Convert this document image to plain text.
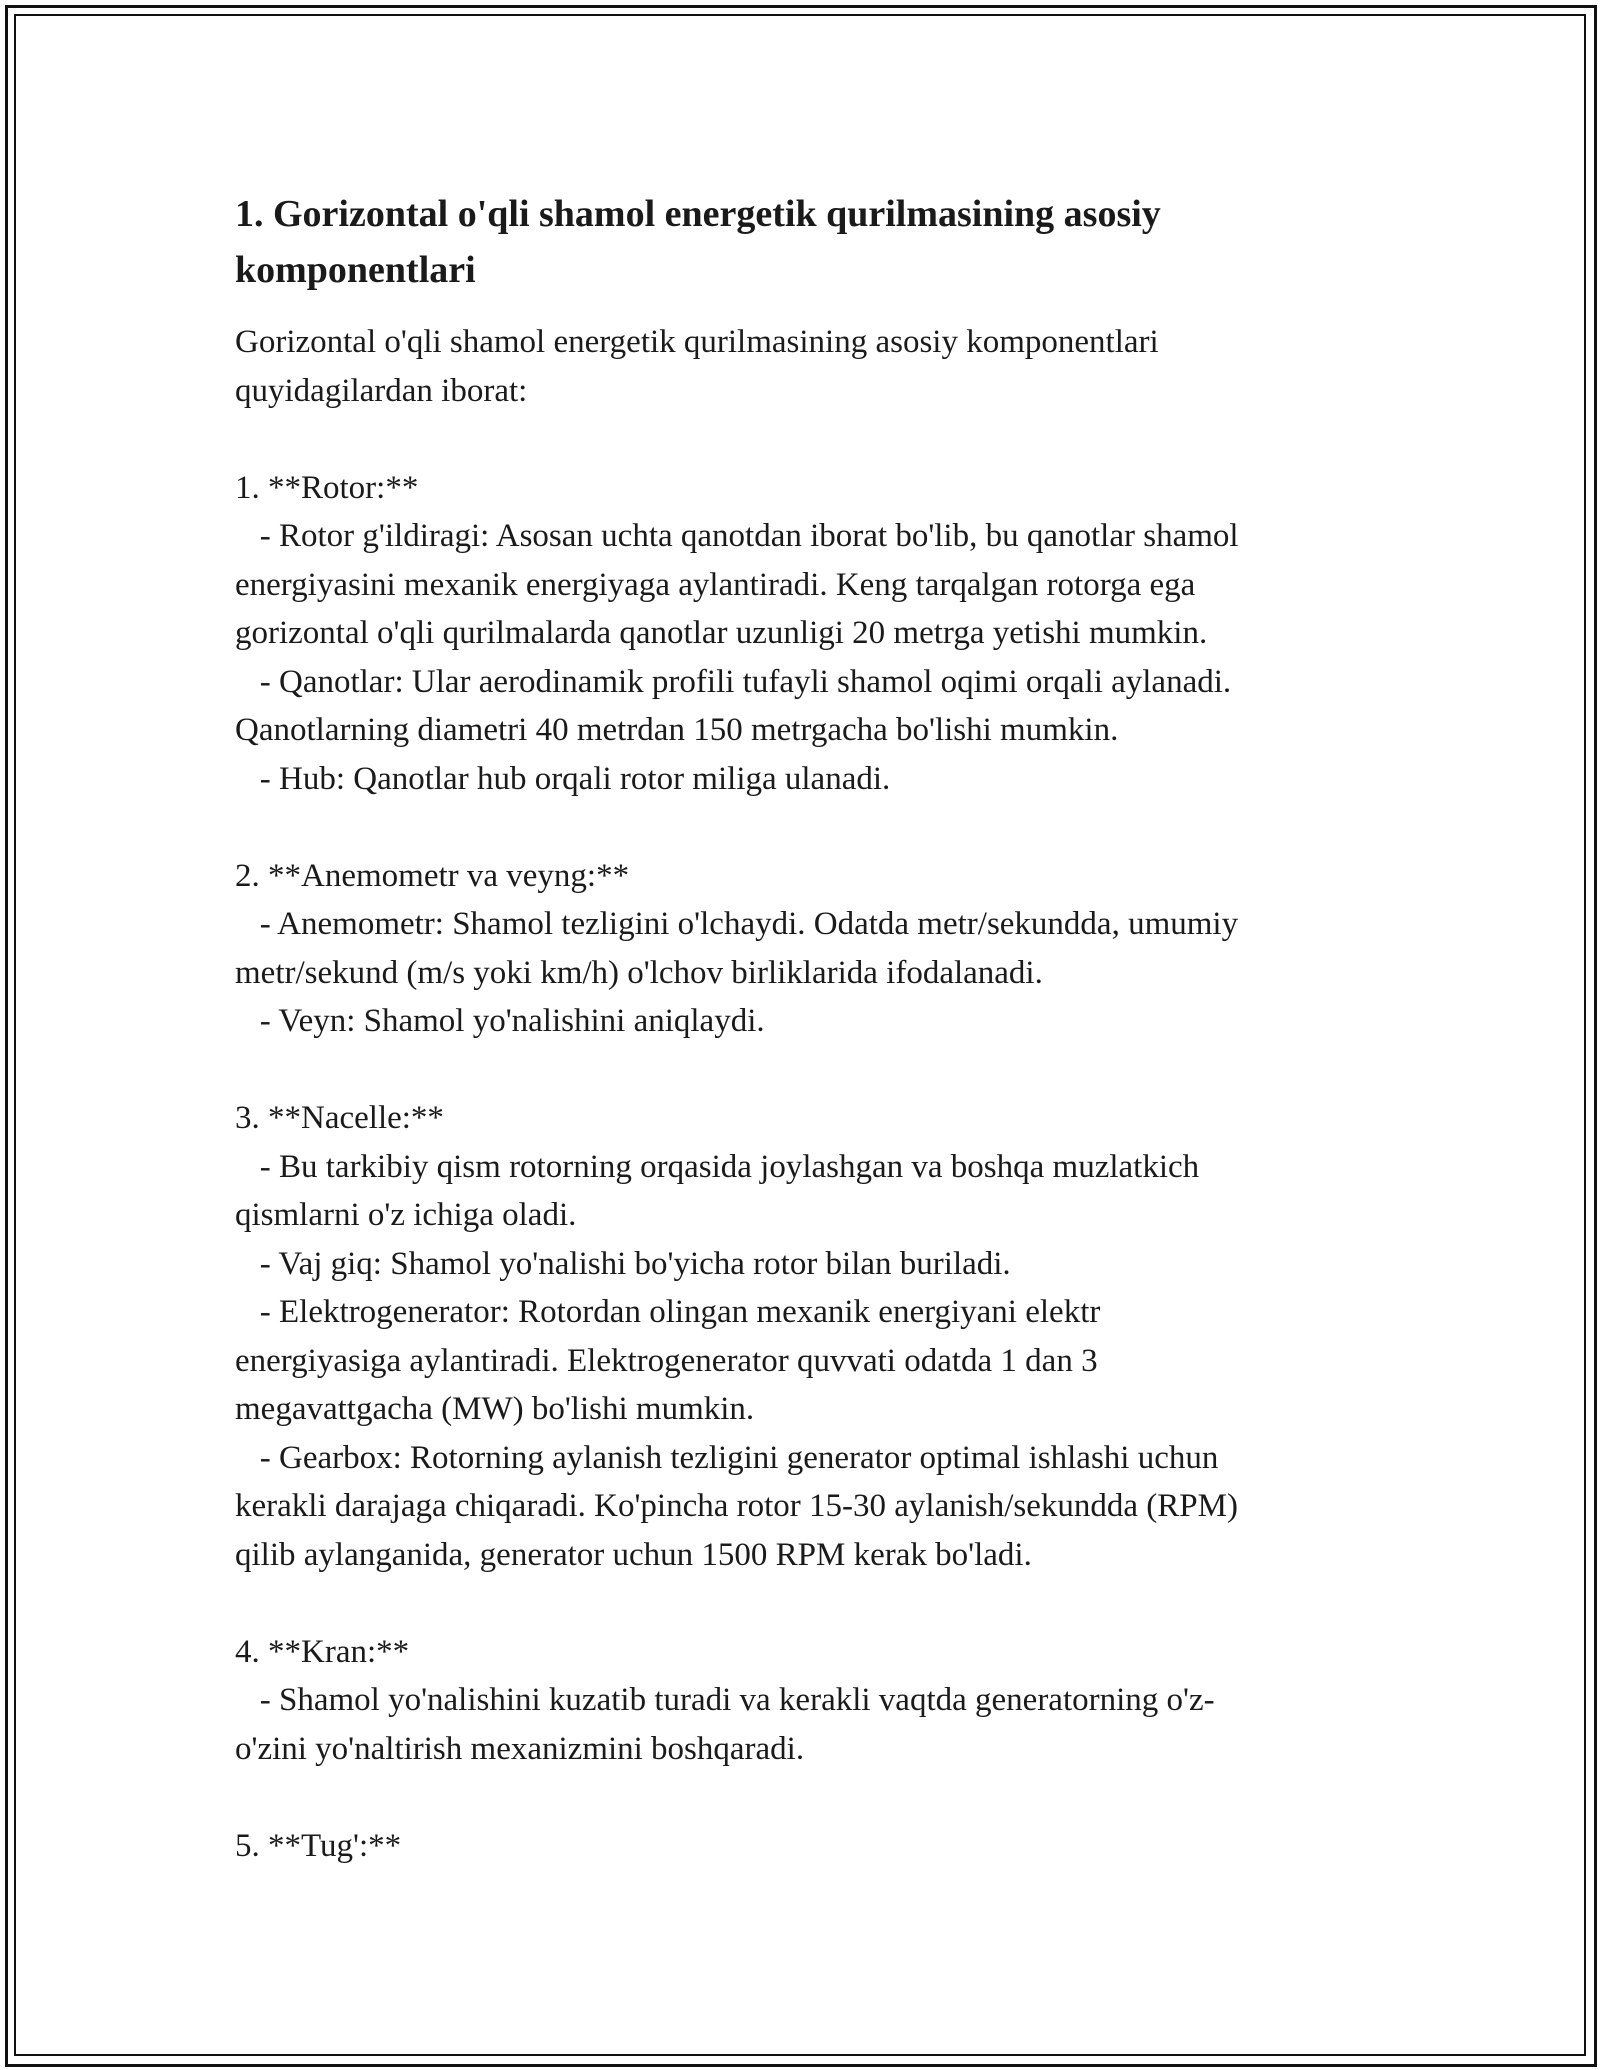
1. Gorizontal o'qli shamol energetik qurilmasining asosiy
komponentlari
Gorizontal o'qli shamol energetik qurilmasining asosiy komponentlari
quyidagilardan iborat:
1. **Rotor:**
- Rotor g'ildiragi: Asosan uchta qanotdan iborat bo'lib, bu qanotlar shamol
energiyasini mexanik energiyaga aylantiradi. Keng tarqalgan rotorga ega
gorizontal o'qli qurilmalarda qanotlar uzunligi 20 metrga yetishi mumkin.
- Qanotlar: Ular aerodinamik profili tufayli shamol oqimi orqali aylanadi.
Qanotlarning diametri 40 metrdan 150 metrgacha bo'lishi mumkin.
- Hub: Qanotlar hub orqali rotor miliga ulanadi.
2. **Anemometr va veyng:**
- Anemometr: Shamol tezligini o'lchaydi. Odatda metr/sekundda, umumiy
metr/sekund (m/s yoki km/h) o'lchov birliklarida ifodalanadi.
- Veyn: Shamol yo'nalishini aniqlaydi.
3. **Nacelle:**
- Bu tarkibiy qism rotorning orqasida joylashgan va boshqa muzlatkich
qismlarni o'z ichiga oladi.
- Vaj giq: Shamol yo'nalishi bo'yicha rotor bilan buriladi.
- Elektrogenerator: Rotordan olingan mexanik energiyani elektr
energiyasiga aylantiradi. Elektrogenerator quvvati odatda 1 dan 3
megavattgacha (MW) bo'lishi mumkin.
- Gearbox: Rotorning aylanish tezligini generator optimal ishlashi uchun
kerakli darajaga chiqaradi. Ko'pincha rotor 15-30 aylanish/sekundda (RPM)
qilib aylanganida, generator uchun 1500 RPM kerak bo'ladi.
4. **Kran:**
- Shamol yo'nalishini kuzatib turadi va kerakli vaqtda generatorning o'z-
o'zini yo'naltirish mexanizmini boshqaradi.
5. **Tug':**
